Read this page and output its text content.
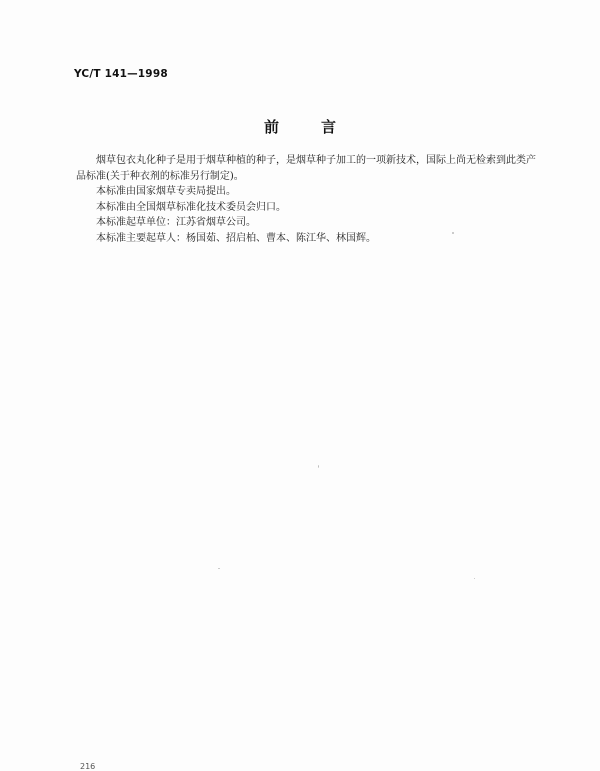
YC/T 141—1998
前言

烟草包衣丸化种子是用于烟草种植的种子，是烟草种子加工的一项新技术，国际上尚无检索到此类产品标准(关于种衣剂的标准另行制定)。

本标准由国家烟草专卖局提出。

本标准由全国烟草标准化技术委员会归口。

本标准起草单位：江苏省烟草公司。

本标准主要起草人：杨国茹、招启柏、曹本、陈江华、林国辉。

216
